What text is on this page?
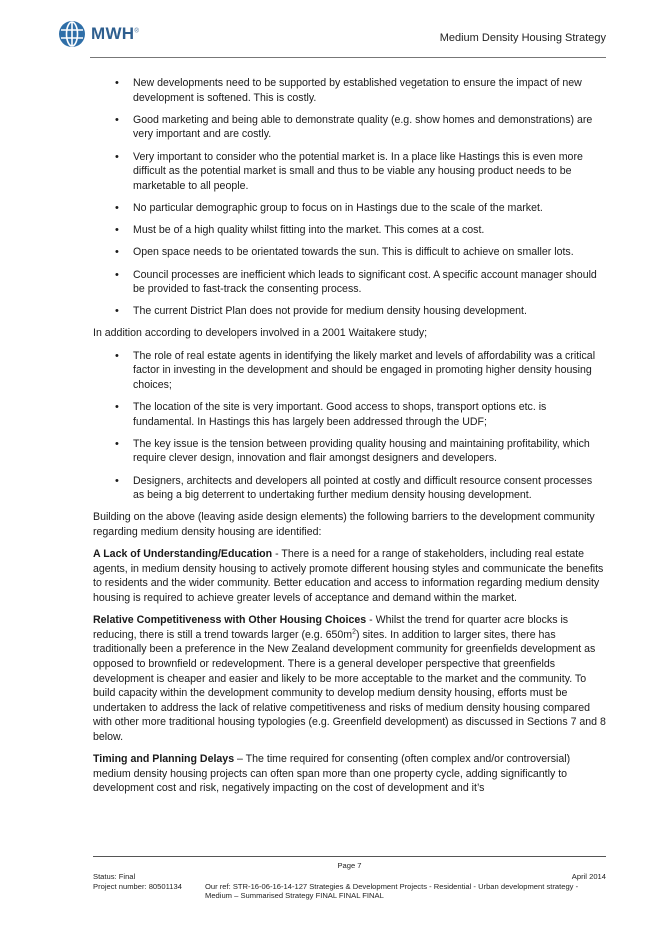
MWH®
Medium Density Housing Strategy
• New developments need to be supported by established vegetation to ensure the impact of new development is softened. This is costly.
• Good marketing and being able to demonstrate quality (e.g. show homes and demonstrations) are very important and are costly.
• Very important to consider who the potential market is. In a place like Hastings this is even more difficult as the potential market is small and thus to be viable any housing product needs to be marketable to all people.
• No particular demographic group to focus on in Hastings due to the scale of the market.
• Must be of a high quality whilst fitting into the market. This comes at a cost.
• Open space needs to be orientated towards the sun. This is difficult to achieve on smaller lots.
• Council processes are inefficient which leads to significant cost. A specific account manager should be provided to fast-track the consenting process.
• The current District Plan does not provide for medium density housing development.

In addition according to developers involved in a 2001 Waitakere study;

• The role of real estate agents in identifying the likely market and levels of affordability was a critical factor in investing in the development and should be engaged in promoting higher density housing choices;
• The location of the site is very important. Good access to shops, transport options etc. is fundamental. In Hastings this has largely been addressed through the UDF;
• The key issue is the tension between providing quality housing and maintaining profitability, which require clever design, innovation and flair amongst designers and developers.
• Designers, architects and developers all pointed at costly and difficult resource consent processes as being a big deterrent to undertaking further medium density housing development.

Building on the above (leaving aside design elements) the following barriers to the development community regarding medium density housing are identified:

A Lack of Understanding/Education - There is a need for a range of stakeholders, including real estate agents, in medium density housing to actively promote different housing styles and communicate the benefits to residents and the wider community. Better education and access to information regarding medium density housing is required to achieve greater levels of acceptance and demand within the market.

Relative Competitiveness with Other Housing Choices - Whilst the trend for quarter acre blocks is reducing, there is still a trend towards larger (e.g. $650m^2$) sites. In addition to larger sites, there has traditionally been a preference in the New Zealand development community for greenfields development as opposed to brownfield or redevelopment. There is a general developer perspective that greenfields development is cheaper and easier and likely to be more acceptable to the market and the community. To build capacity within the development community to develop medium density housing, efforts must be undertaken to address the lack of relative competitiveness and risks of medium density housing compared with other more traditional housing typologies (e.g. Greenfield development) as discussed in Sections 7 and 8 below.

Timing and Planning Delays – The time required for consenting (often complex and/or controversial) medium density housing projects can often span more than one property cycle, adding significantly to development cost and risk, negatively impacting on the cost of development and it’s

Page 7
Status: Final	April 2014
Project number: 80501134	Our ref: STR-16-06-16-14-127 Strategies & Development Projects - Residential - Urban development strategy - Medium – Summarised Strategy FINAL FINAL FINAL
